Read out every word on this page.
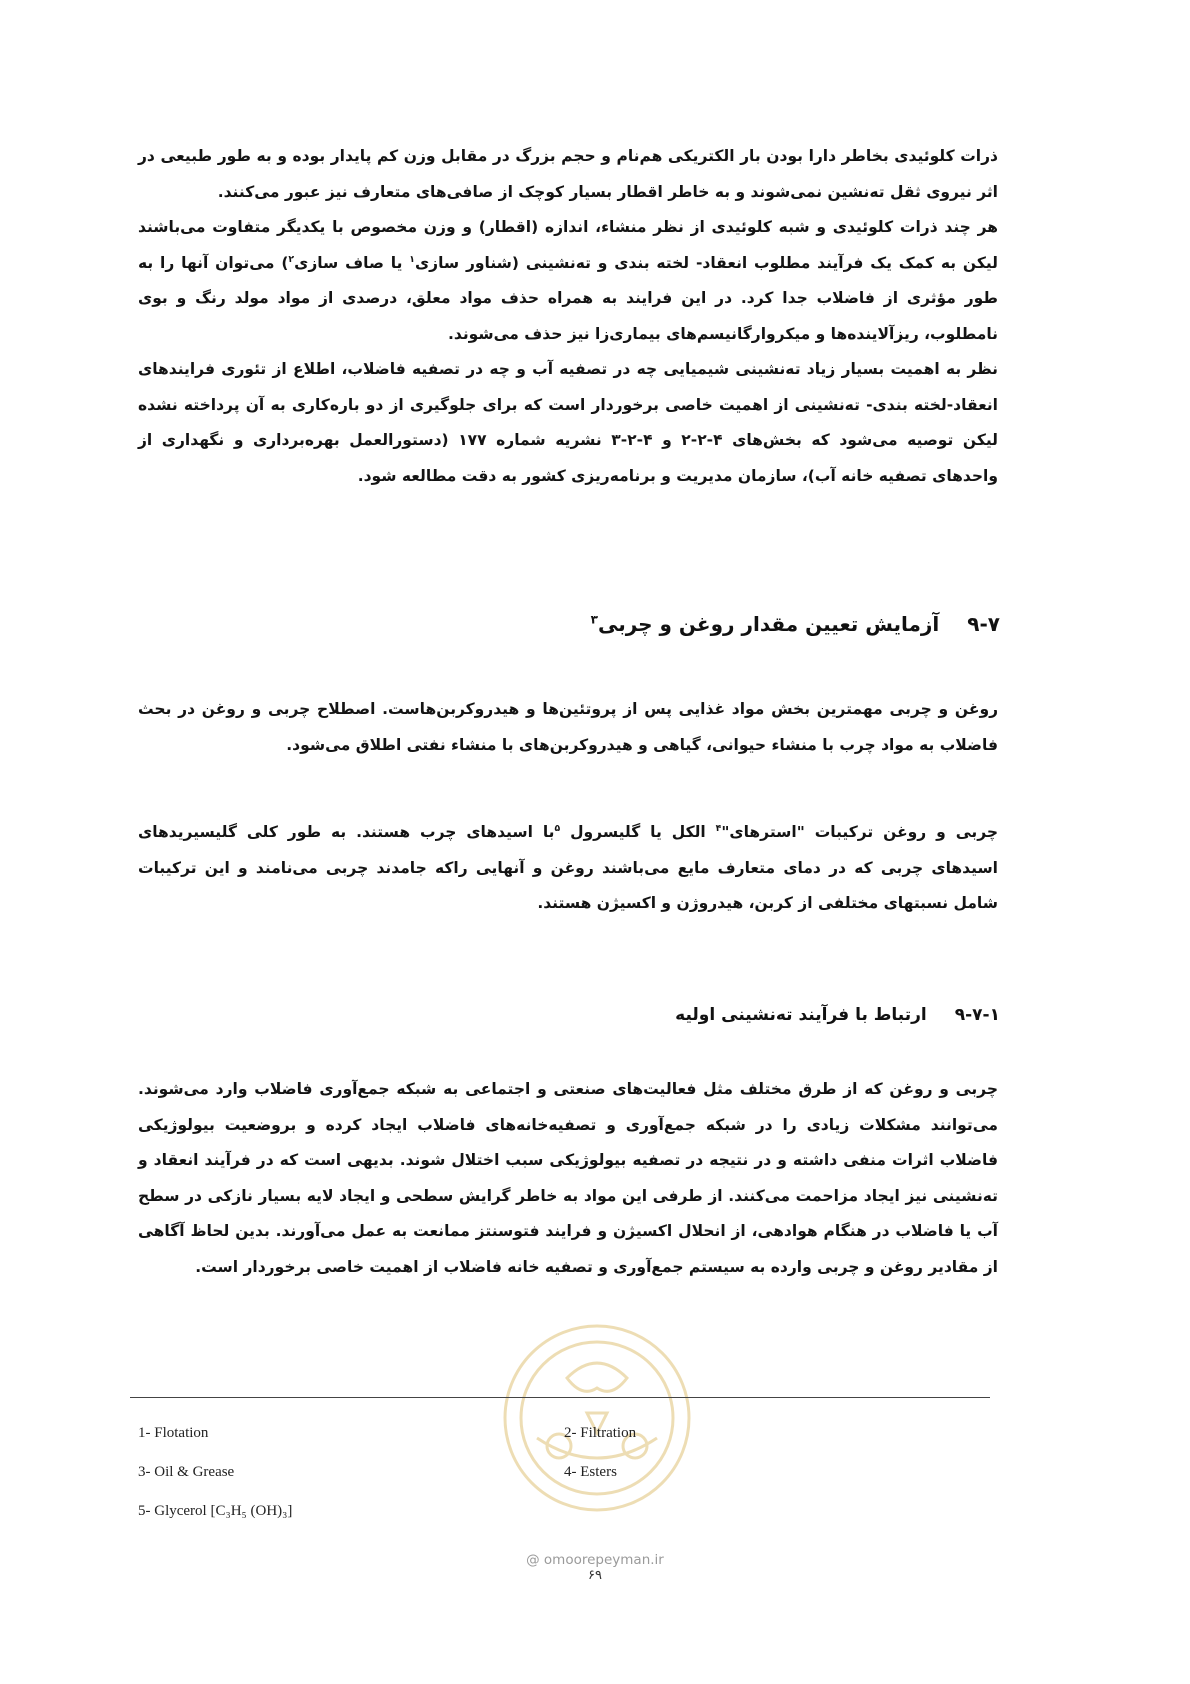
ذرات کلوئیدی بخاطر دارا بودن بار الکتریکی هم‌نام و حجم بزرگ در مقابل وزن کم پایدار بوده و به طور طبیعی در اثر نیروی ثقل ته‌نشین نمی‌شوند و به خاطر اقطار بسیار کوچک از صافی‌های متعارف نیز عبور می‌کنند.

هر چند ذرات کلوئیدی و شبه کلوئیدی از نظر منشاء، اندازه (اقطار) و وزن مخصوص با یکدیگر متفاوت می‌باشند لیکن به کمک یک فرآیند مطلوب انعقاد- لخته بندی و ته‌نشینی (شناور سازی$^۱$ یا صاف سازی$^۲$) می‌توان آنها را به طور مؤثری از فاضلاب جدا کرد. در این فرایند به همراه حذف مواد معلق، درصدی از مواد مولد رنگ و بوی نامطلوب، ریزآلاینده‌ها و میکروارگانیسم‌های بیماری‌زا نیز حذف می‌شوند.

نظر به اهمیت بسیار زیاد ته‌نشینی شیمیایی چه در تصفیه آب و چه در تصفیه فاضلاب، اطلاع از تئوری فرایندهای انعقاد-لخته بندی- ته‌نشینی از اهمیت خاصی برخوردار است که برای جلوگیری از دو باره‌کاری به آن پرداخته نشده لیکن توصیه می‌شود که بخش‌های ۴-۲-۲ و ۴-۲-۳ نشریه شماره ۱۷۷ (دستورالعمل بهره‌برداری و نگهداری از واحدهای تصفیه خانه آب)، سازمان مدیریت و برنامه‌ریزی کشور به دقت مطالعه شود.

۹-۷آزمایش تعیین مقدار روغن و چربی$^۳$

روغن و چربی مهمترین بخش مواد غذایی پس از پروتئین‌ها و هیدروکربن‌هاست. اصطلاح چربی و روغن در بحث فاضلاب به مواد چرب با منشاء حیوانی، گیاهی و هیدروکربن‌های با منشاء نفتی اطلاق می‌شود.

چربی و روغن ترکیبات "استرهای"$^۴$ الکل یا گلیسرول $^۵$با اسیدهای چرب هستند. به طور کلی گلیسیریدهای اسیدهای چربی که در دمای متعارف مایع می‌باشند روغن و آنهایی راکه جامدند چربی می‌نامند و این ترکیبات شامل نسبتهای مختلفی از کربن، هیدروژن و اکسیژن هستند.

۹-۷-۱ارتباط با فرآیند ته‌نشینی اولیه

چربی و روغن که از طرق مختلف مثل فعالیت‌های صنعتی و اجتماعی به شبکه جمع‌آوری فاضلاب وارد می‌شوند. می‌توانند مشکلات زیادی را در شبکه جمع‌آوری و تصفیه‌خانه‌های فاضلاب ایجاد کرده و بروضعیت بیولوژیکی فاضلاب اثرات منفی داشته و در نتیجه در تصفیه بیولوژیکی سبب اختلال شوند. بدیهی است که در فرآیند انعقاد و ته‌نشینی نیز ایجاد مزاحمت می‌کنند. از طرفی این مواد به خاطر گرایش سطحی و ایجاد لایه بسیار نازکی در سطح آب یا فاضلاب در هنگام هوادهی، از انحلال اکسیژن و فرایند فتوسنتز ممانعت به عمل می‌آورند. بدین لحاظ آگاهی از مقادیر روغن و چربی وارده به سیستم جمع‌آوری و تصفیه خانه فاضلاب از اهمیت خاصی برخوردار است.

1- Flotation	2- Filtration
3- Oil & Grease	4- Esters
5- Glycerol [C₃H₅ (OH)₃]
@ omoorepeyman.ir
۶۹
